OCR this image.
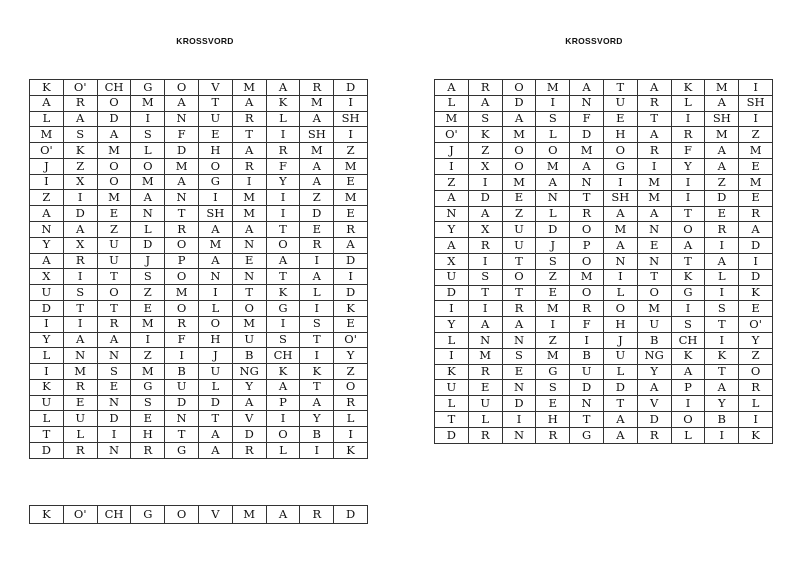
KROSSVORD	KROSSVORD
K	O'	CH	G	O	V	M	A	R	D
A	R	O	M	A	T	A	K	M	I
L	A	D	I	N	U	R	L	A	SH
M	S	A	S	F	E	T	I	SH	I
O'	K	M	L	D	H	A	R	M	Z
J	Z	O	O	M	O	R	F	A	M
I	X	O	M	A	G	I	Y	A	E
Z	I	M	A	N	I	M	I	Z	M
A	D	E	N	T	SH	M	I	D	E
N	A	Z	L	R	A	A	T	E	R
Y	X	U	D	O	M	N	O	R	A
A	R	U	J	P	A	E	A	I	D
X	I	T	S	O	N	N	T	A	I
U	S	O	Z	M	I	T	K	L	D
D	T	T	E	O	L	O	G	I	K
I	I	R	M	R	O	M	I	S	E
Y	A	A	I	F	H	U	S	T	O'
L	N	N	Z	I	J	B	CH	I	Y
I	M	S	M	B	U	NG	K	K	Z
K	R	E	G	U	L	Y	A	T	O
U	E	N	S	D	D	A	P	A	R
L	U	D	E	N	T	V	I	Y	L
T	L	I	H	T	A	D	O	B	I
D	R	N	R	G	A	R	L	I	K
A	R	O	M	A	T	A	K	M	I
L	A	D	I	N	U	R	L	A	SH
M	S	A	S	F	E	T	I	SH	I
O'	K	M	L	D	H	A	R	M	Z
J	Z	O	O	M	O	R	F	A	M
I	X	O	M	A	G	I	Y	A	E
Z	I	M	A	N	I	M	I	Z	M
A	D	E	N	T	SH	M	I	D	E
N	A	Z	L	R	A	A	T	E	R
Y	X	U	D	O	M	N	O	R	A
A	R	U	J	P	A	E	A	I	D
X	I	T	S	O	N	N	T	A	I
U	S	O	Z	M	I	T	K	L	D
D	T	T	E	O	L	O	G	I	K
I	I	R	M	R	O	M	I	S	E
Y	A	A	I	F	H	U	S	T	O'
L	N	N	Z	I	J	B	CH	I	Y
I	M	S	M	B	U	NG	K	K	Z
K	R	E	G	U	L	Y	A	T	O
U	E	N	S	D	D	A	P	A	R
L	U	D	E	N	T	V	I	Y	L
T	L	I	H	T	A	D	O	B	I
D	R	N	R	G	A	R	L	I	K
K	O'	CH	G	O	V	M	A	R	D
